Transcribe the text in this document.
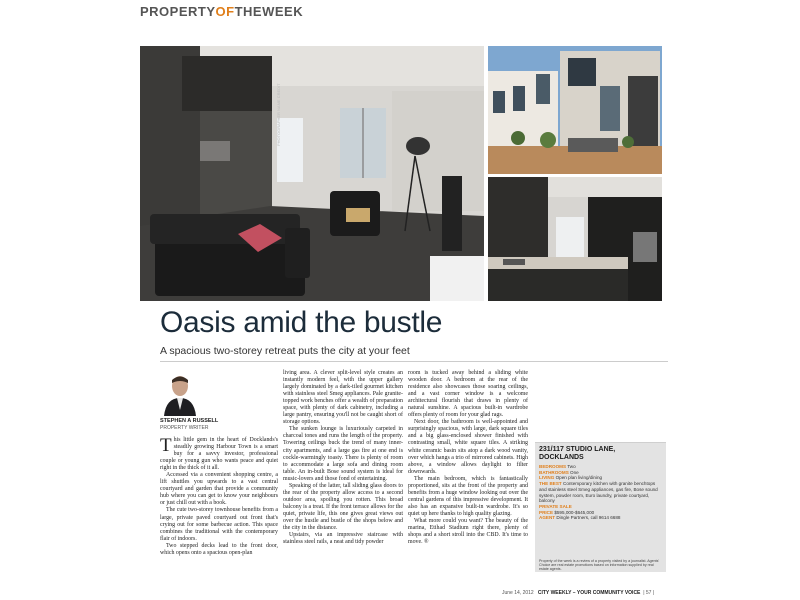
PROPERTYOFTHEWEEK
PHOTOGRAPHER NAME CREDIT
Oasis amid the bustle
A spacious two-storey retreat puts the city at your feet
STEPHEN A RUSSELL
PROPERTY WRITER

This little gem in the heart of Docklands's steadily growing Harbour Town is a smart buy for a savvy investor, professional couple or young gun who wants peace and quiet right in the thick of it all.

Accessed via a convenient shopping centre, a lift shuttles you upwards to a vast central courtyard and garden that provide a community hub where you can get to know your neighbours or just chill out with a book.

The cute two-storey townhouse benefits from a large, private paved courtyard out front that's crying out for some barbecue action. This space combines the traditional with the contemporary flair of indoors.

Two stepped decks lead to the front door, which opens onto a spacious open-plan

living area. A clever split-level style creates an instantly modern feel, with the upper gallery largely dominated by a dark-tiled gourmet kitchen with stainless steel Smeg appliances. Pale granite-topped work benches offer a wealth of preparation space, with plenty of dark cabinetry, including a large pantry, ensuring you'll not be caught short of storage options.

The sunken lounge is luxuriously carpeted in charcoal tones and runs the length of the property. Towering ceilings buck the trend of many inner-city apartments, and a large gas fire at one end is cockle-warmingly toasty. There is plenty of room to accommodate a large sofa and dining room table. An in-built Bose sound system is ideal for music-lovers and those fond of entertaining.

Speaking of the latter, tall sliding glass doors to the rear of the property allow access to a second outdoor area, spoiling you rotten. This broad balcony is a treat. If the front terrace allows for the quiet, private life, this one gives great views out over the hustle and bustle of the shops below and the city in the distance.

Upstairs, via an impressive staircase with stainless steel rails, a neat and tidy powder

room is tucked away behind a sliding white wooden door. A bedroom at the rear of the residence also showcases those soaring ceilings, and a vast corner window is a welcome architectural flourish that draws in plenty of natural sunshine. A spacious built-in wardrobe offers plenty of room for your glad rags.

Next door, the bathroom is well-appointed and surprisingly spacious, with large, dark square tiles and a big glass-enclosed shower finished with contrasting small, white square tiles. A striking white ceramic basin sits atop a dark wood vanity, over which hangs a trio of mirrored cabinets. High above, a window allows daylight to filter downwards.

The main bedroom, which is fantastically proportioned, sits at the front of the property and benefits from a huge window looking out over the central gardens of this impressive development. It also has an expansive built-in wardrobe. It's so quiet up here thanks to high quality glazing.

What more could you want? The beauty of the marina, Etihad Stadium right there, plenty of shops and a short stroll into the CBD. It's time to move. ®

231/117 STUDIO LANE,
DOCKLANDS
BEDROOMS Two
BATHROOMS One
LIVING Open plan living/dining
THE BEST Contemporary kitchen with granite benchtops and stainless steel Smeg appliances, gas fire, Bose sound system, powder room, Euro laundry, private courtyard, balcony
PRIVATE SALE
PRICE $595,000-$645,000
AGENT Dingle Partners, call 9614 6688
Property of the week is a review of a property visited by a journalist. Agents' Choice are real estate promotions based on information supplied by real estate agents.
June 14, 2012 CITY WEEKLY – YOUR COMMUNITY VOICE | 57 |
